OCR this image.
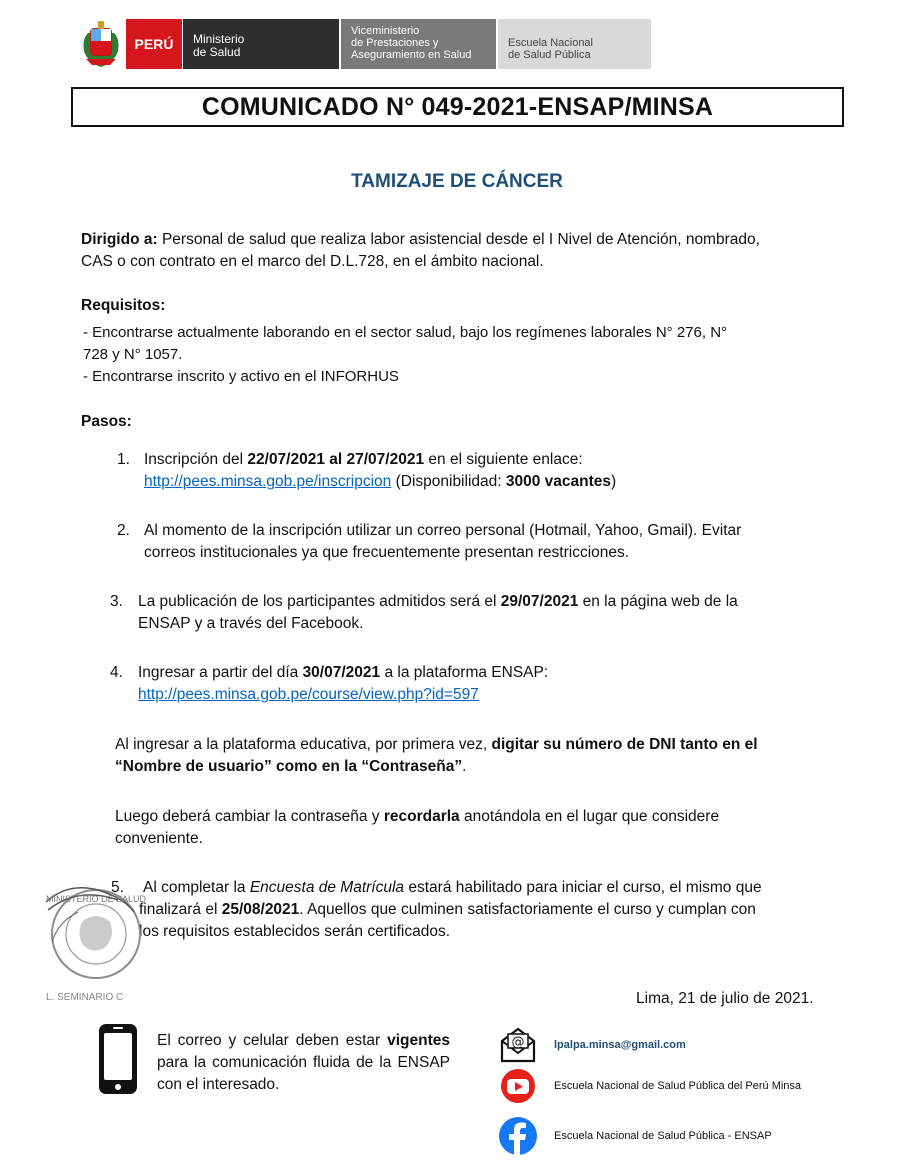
PERÚ	Ministerio
de Salud
Viceministerio
de Prestaciones y
Aseguramiento en Salud
Escuela Nacional
de Salud Pública
COMUNICADO N° 049-2021-ENSAP/MINSA
TAMIZAJE DE CÁNCER
Dirigido a: Personal de salud que realiza labor asistencial desde el I Nivel de Atención, nombrado,
CAS o con contrato en el marco del D.L.728, en el ámbito nacional.
Requisitos:
- Encontrarse actualmente laborando en el sector salud, bajo los regímenes laborales N° 276, N°
728 y N° 1057.
- Encontrarse inscrito y activo en el INFORHUS
Pasos:
1. Inscripción del 22/07/2021 al 27/07/2021 en el siguiente enlace:
http://pees.minsa.gob.pe/inscripcion (Disponibilidad: 3000 vacantes)
2. Al momento de la inscripción utilizar un correo personal (Hotmail, Yahoo, Gmail). Evitar
correos institucionales ya que frecuentemente presentan restricciones.
3. La publicación de los participantes admitidos será el 29/07/2021 en la página web de la
ENSAP y a través del Facebook.
4. Ingresar a partir del día 30/07/2021 a la plataforma ENSAP:
http://pees.minsa.gob.pe/course/view.php?id=597
Al ingresar a la plataforma educativa, por primera vez, digitar su número de DNI tanto en el
“Nombre de usuario” como en la “Contraseña”.
Luego deberá cambiar la contraseña y recordarla anotándola en el lugar que considere
conveniente.
5. Al completar la Encuesta de Matrícula estará habilitado para iniciar el curso, el mismo que
finalizará el 25/08/2021. Aquellos que culminen satisfactoriamente el curso y cumplan con
los requisitos establecidos serán certificados.
MINISTERIO DE SALUD
L. SEMINARIO C	Lima, 21 de julio de 2021.
El correo y celular deben estar vigentes para la comunicación fluida de la ENSAP con el interesado.
@	lpalpa.minsa@gmail.com
Escuela Nacional de Salud Pública del Perú Minsa
Escuela Nacional de Salud Pública - ENSAP
